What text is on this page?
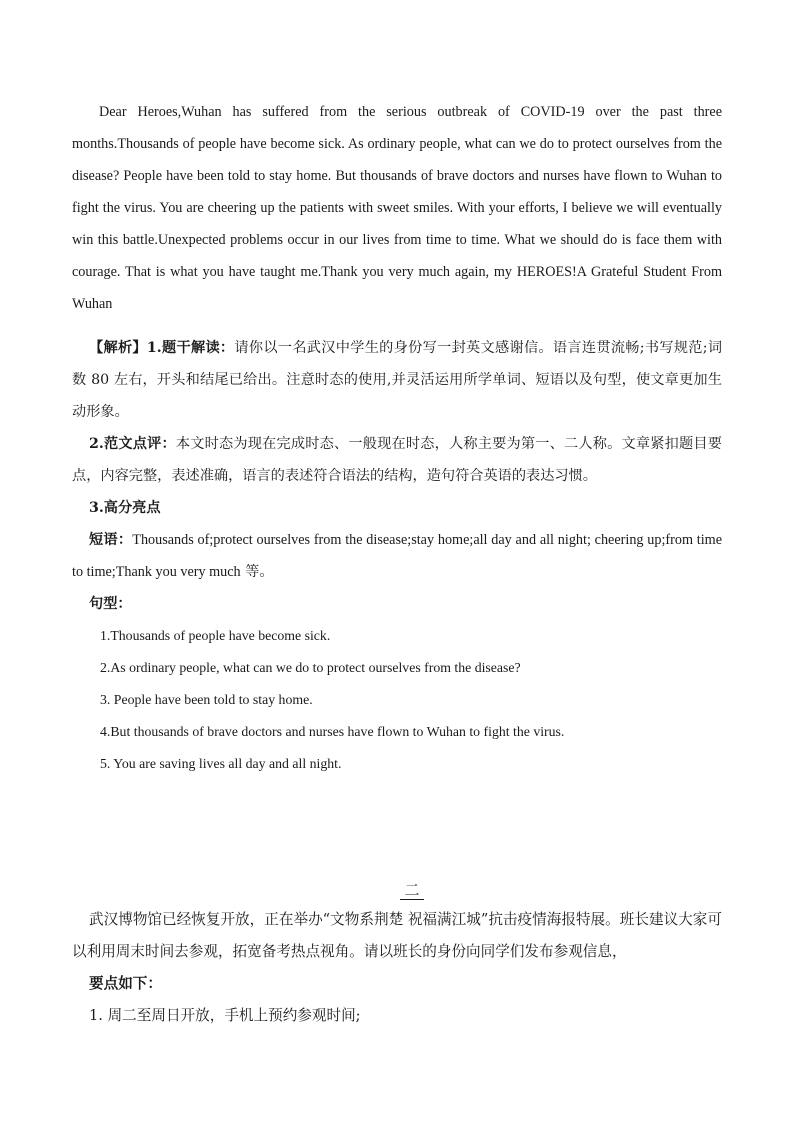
Dear Heroes,Wuhan has suffered from the serious outbreak of COVID-19 over the past three months.Thousands of people have become sick. As ordinary people, what can we do to protect ourselves from the disease? People have been told to stay home. But thousands of brave doctors and nurses have flown to Wuhan to fight the virus. You are cheering up the patients with sweet smiles. With your efforts, I believe we will eventually win this battle.Unexpected problems occur in our lives from time to time. What we should do is face them with courage. That is what you have taught me.Thank you very much again, my HEROES!A Grateful Student From Wuhan

【解析】1.题干解读：请你以一名武汉中学生的身份写一封英文感谢信。语言连贯流畅;书写规范;词数 80 左右，开头和结尾已给出。注意时态的使用,并灵活运用所学单词、短语以及句型，使文章更加生动形象。

2.范文点评：本文时态为现在完成时态、一般现在时态，人称主要为第一、二人称。文章紧扣题目要点，内容完整，表述准确，语言的表述符合语法的结构，造句符合英语的表达习惯。

3.高分亮点

短语：Thousands of;protect ourselves from the disease;stay home;all day and all night; cheering up;from time to time;Thank you very much 等。

句型：

1.Thousands of people have become sick.

2.As ordinary people, what can we do to protect ourselves from the disease?

3. People have been told to stay home.

4.But thousands of brave doctors and nurses have flown to Wuhan to fight the virus.

5. You are saving lives all day and all night.

二

武汉博物馆已经恢复开放，正在举办“文物系荆楚 祝福满江城”抗击疫情海报特展。班长建议大家可以利用周末时间去参观，拓宽备考热点视角。请以班长的身份向同学们发布参观信息，

要点如下：

1. 周二至周日开放，手机上预约参观时间;
